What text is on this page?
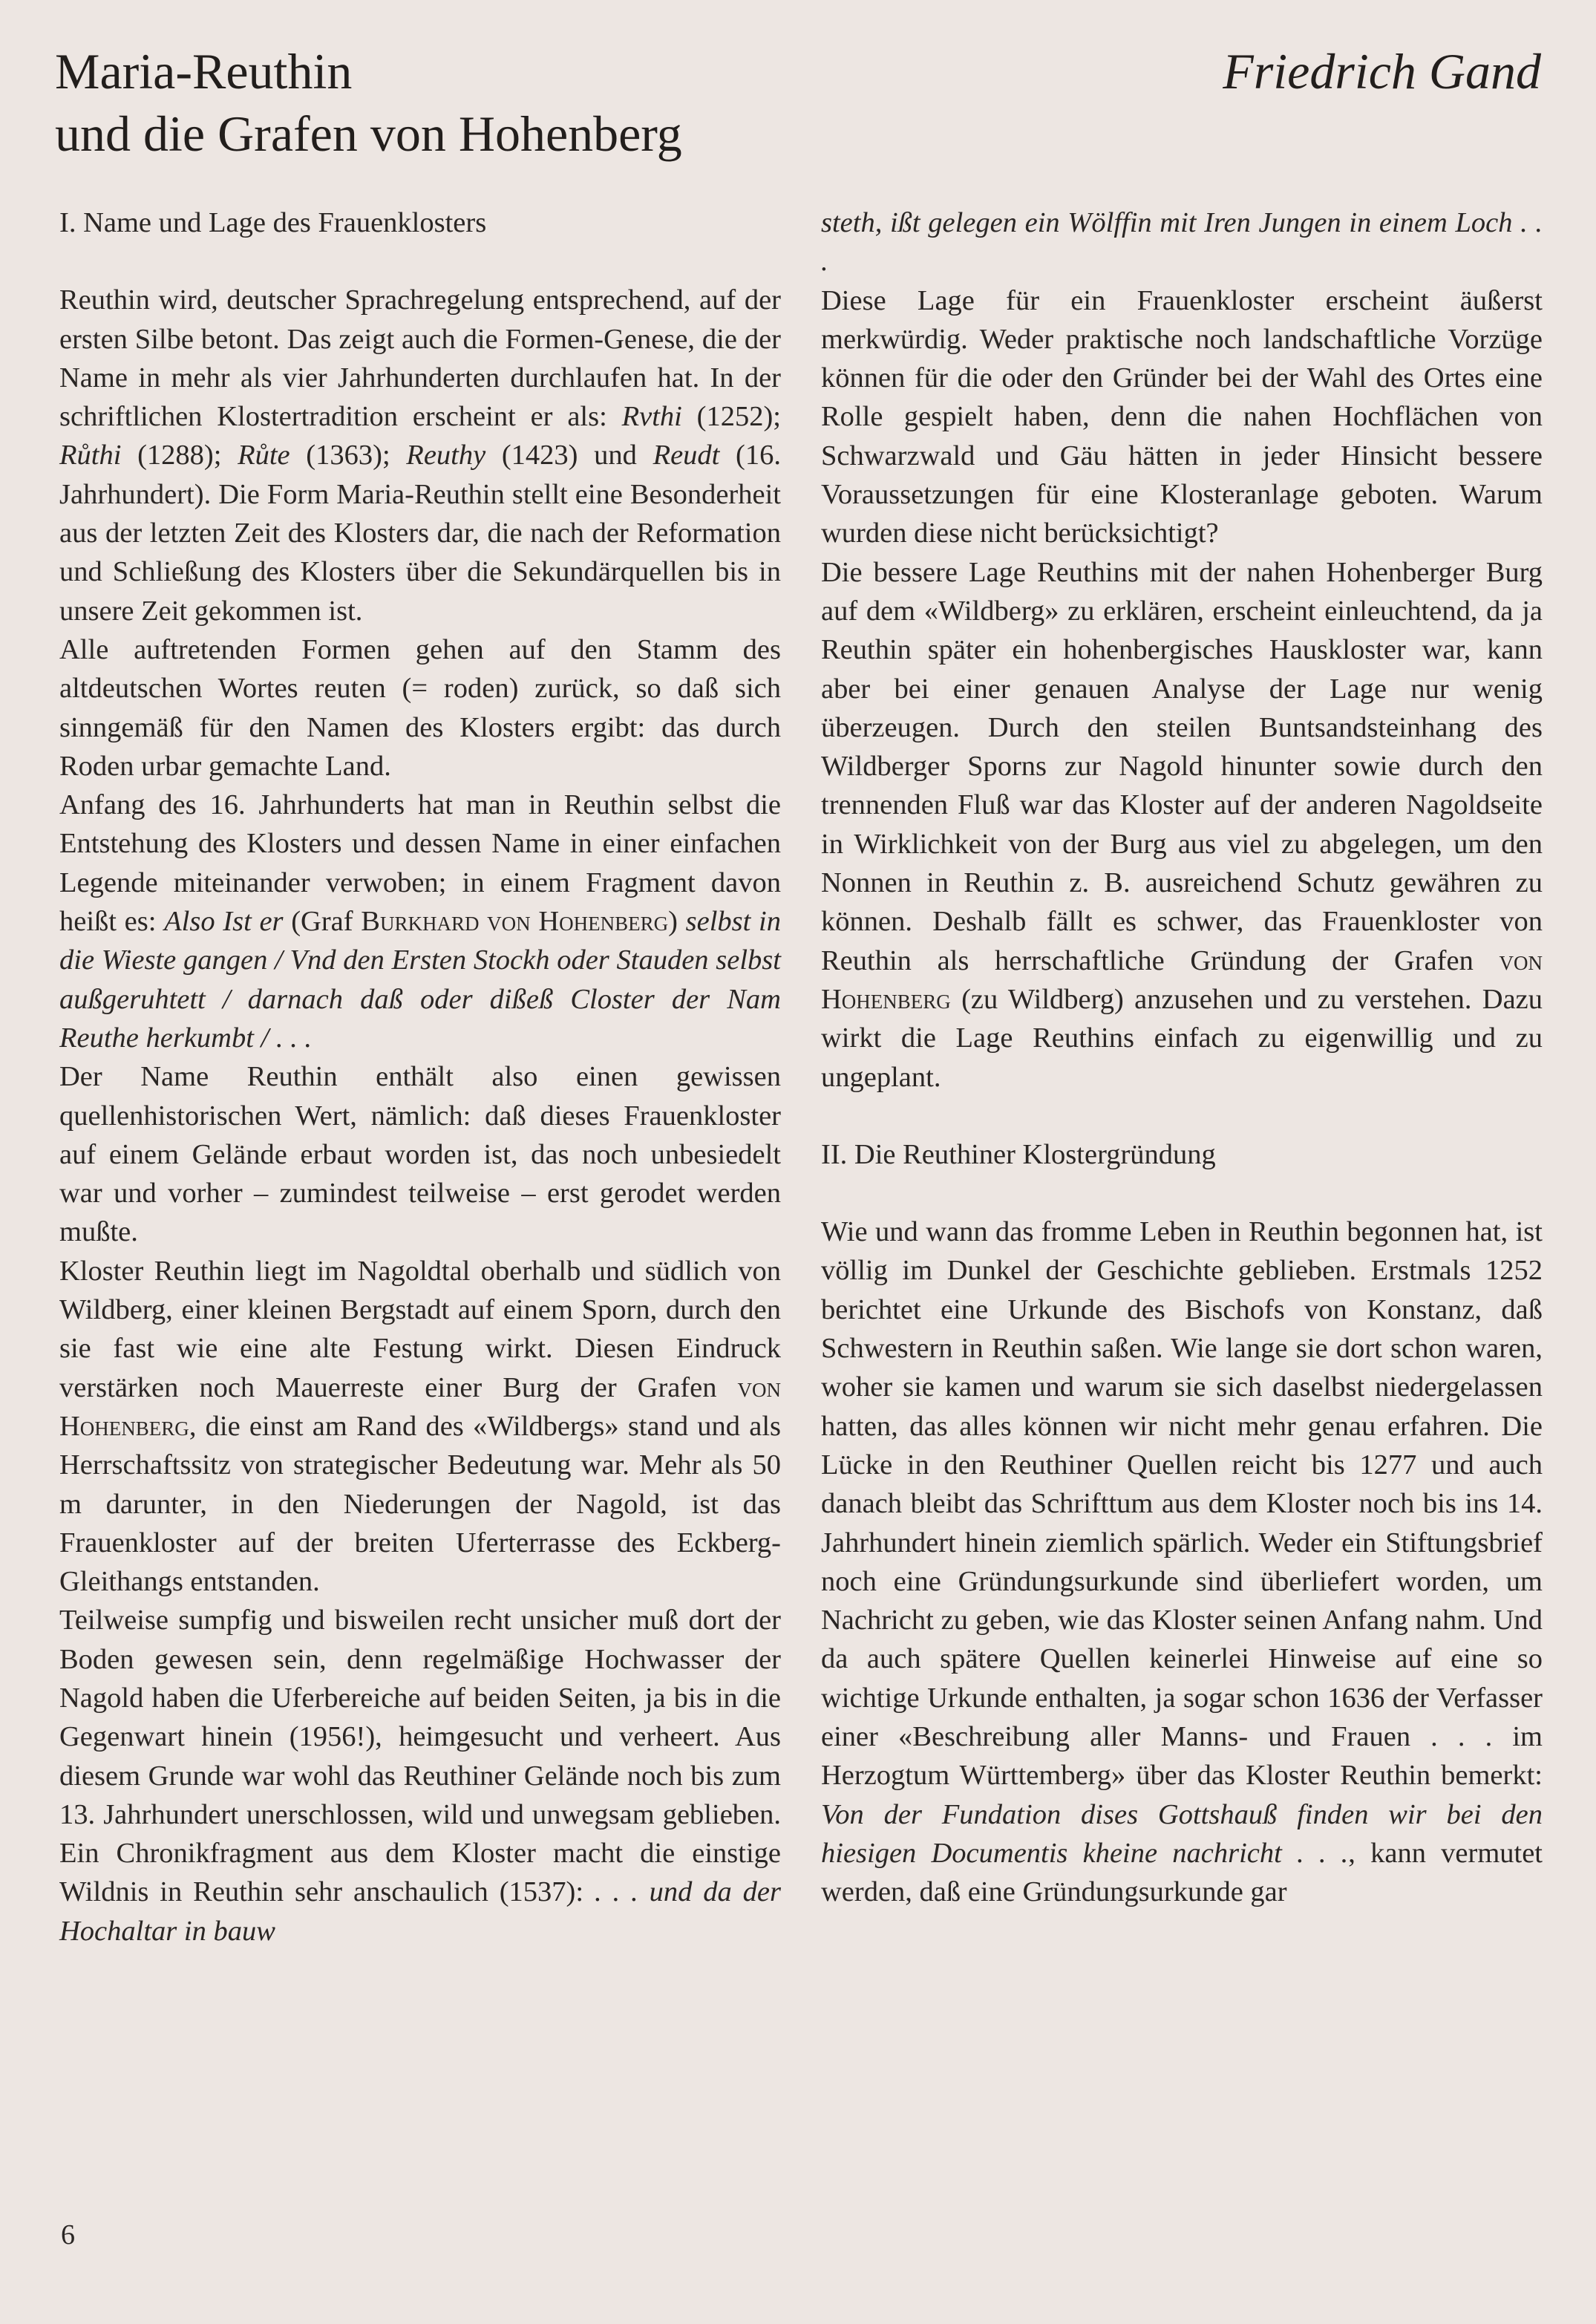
Maria-Reuthin
und die Grafen von Hohenberg
Friedrich Gand
I. Name und Lage des Frauenklosters

Reuthin wird, deutscher Sprachregelung entsprechend, auf der ersten Silbe betont. Das zeigt auch die Formen-Genese, die der Name in mehr als vier Jahrhunderten durchlaufen hat. In der schriftlichen Klostertradition erscheint er als: Rvthi (1252); Růthi (1288); Růte (1363); Reuthy (1423) und Reudt (16. Jahrhundert). Die Form Maria-Reuthin stellt eine Besonderheit aus der letzten Zeit des Klosters dar, die nach der Reformation und Schließung des Klosters über die Sekundärquellen bis in unsere Zeit gekommen ist.

Alle auftretenden Formen gehen auf den Stamm des altdeutschen Wortes reuten (= roden) zurück, so daß sich sinngemäß für den Namen des Klosters ergibt: das durch Roden urbar gemachte Land.

Anfang des 16. Jahrhunderts hat man in Reuthin selbst die Entstehung des Klosters und dessen Name in einer einfachen Legende miteinander verwoben; in einem Fragment davon heißt es: Also Ist er (Graf Burkhard von Hohenberg) selbst in die Wieste gangen / Vnd den Ersten Stockh oder Stauden selbst außgeruhtett / darnach daß oder dißeß Closter der Nam Reuthe herkumbt / . . .

Der Name Reuthin enthält also einen gewissen quellenhistorischen Wert, nämlich: daß dieses Frauenkloster auf einem Gelände erbaut worden ist, das noch unbesiedelt war und vorher – zumindest teilweise – erst gerodet werden mußte.

Kloster Reuthin liegt im Nagoldtal oberhalb und südlich von Wildberg, einer kleinen Bergstadt auf einem Sporn, durch den sie fast wie eine alte Festung wirkt. Diesen Eindruck verstärken noch Mauerreste einer Burg der Grafen von Hohenberg, die einst am Rand des «Wildbergs» stand und als Herrschaftssitz von strategischer Bedeutung war. Mehr als 50 m darunter, in den Niederungen der Nagold, ist das Frauenkloster auf der breiten Uferterrasse des Eckberg-Gleithangs entstanden.

Teilweise sumpfig und bisweilen recht unsicher muß dort der Boden gewesen sein, denn regelmäßige Hochwasser der Nagold haben die Uferbereiche auf beiden Seiten, ja bis in die Gegenwart hinein (1956!), heimgesucht und verheert. Aus diesem Grunde war wohl das Reuthiner Gelände noch bis zum 13. Jahrhundert unerschlossen, wild und unwegsam geblieben. Ein Chronikfragment aus dem Kloster macht die einstige Wildnis in Reuthin sehr anschaulich (1537): . . . und da der Hochaltar in bauw

steth, ißt gelegen ein Wölffin mit Iren Jungen in einem Loch . . .

Diese Lage für ein Frauenkloster erscheint äußerst merkwürdig. Weder praktische noch landschaftliche Vorzüge können für die oder den Gründer bei der Wahl des Ortes eine Rolle gespielt haben, denn die nahen Hochflächen von Schwarzwald und Gäu hätten in jeder Hinsicht bessere Voraussetzungen für eine Klosteranlage geboten. Warum wurden diese nicht berücksichtigt?

Die bessere Lage Reuthins mit der nahen Hohenberger Burg auf dem «Wildberg» zu erklären, erscheint einleuchtend, da ja Reuthin später ein hohenbergisches Hauskloster war, kann aber bei einer genauen Analyse der Lage nur wenig überzeugen. Durch den steilen Buntsandsteinhang des Wildberger Sporns zur Nagold hinunter sowie durch den trennenden Fluß war das Kloster auf der anderen Nagoldseite in Wirklichkeit von der Burg aus viel zu abgelegen, um den Nonnen in Reuthin z. B. ausreichend Schutz gewähren zu können. Deshalb fällt es schwer, das Frauenkloster von Reuthin als herrschaftliche Gründung der Grafen von Hohenberg (zu Wildberg) anzusehen und zu verstehen. Dazu wirkt die Lage Reuthins einfach zu eigenwillig und zu ungeplant.

II. Die Reuthiner Klostergründung

Wie und wann das fromme Leben in Reuthin begonnen hat, ist völlig im Dunkel der Geschichte geblieben. Erstmals 1252 berichtet eine Urkunde des Bischofs von Konstanz, daß Schwestern in Reuthin saßen. Wie lange sie dort schon waren, woher sie kamen und warum sie sich daselbst niedergelassen hatten, das alles können wir nicht mehr genau erfahren. Die Lücke in den Reuthiner Quellen reicht bis 1277 und auch danach bleibt das Schrifttum aus dem Kloster noch bis ins 14. Jahrhundert hinein ziemlich spärlich. Weder ein Stiftungsbrief noch eine Gründungsurkunde sind überliefert worden, um Nachricht zu geben, wie das Kloster seinen Anfang nahm. Und da auch spätere Quellen keinerlei Hinweise auf eine so wichtige Urkunde enthalten, ja sogar schon 1636 der Verfasser einer «Beschreibung aller Manns- und Frauen . . . im Herzogtum Württemberg» über das Kloster Reuthin bemerkt: Von der Fundation dises Gottshauß finden wir bei den hiesigen Documentis kheine nachricht . . ., kann vermutet werden, daß eine Gründungsurkunde gar

6
